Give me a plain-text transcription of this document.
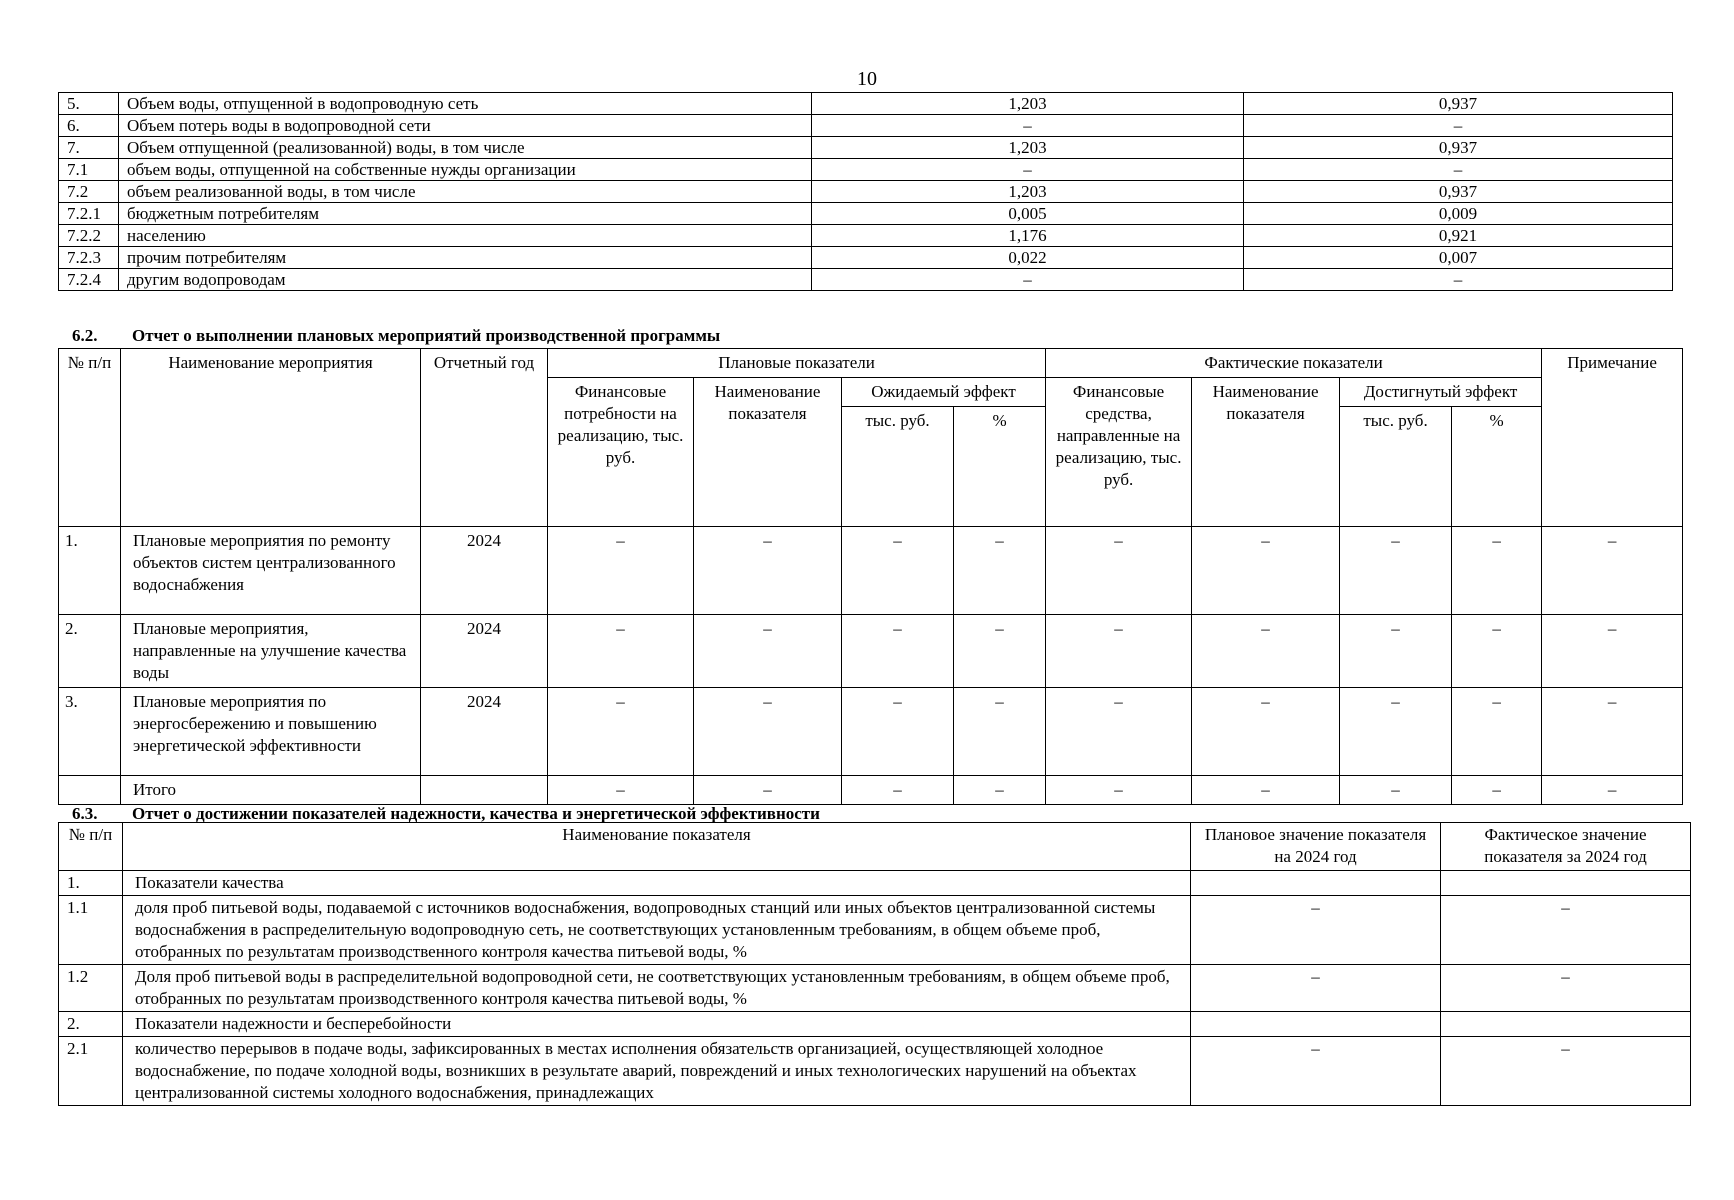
10
5.	Объем воды, отпущенной в водопроводную сеть	1,203	0,937
6.	Объем потерь воды в водопроводной сети	–	–
7.	Объем отпущенной (реализованной) воды, в том числе	1,203	0,937
7.1	объем воды, отпущенной на собственные нужды организации	–	–
7.2	объем реализованной воды, в том числе	1,203	0,937
7.2.1	бюджетным потребителям	0,005	0,009
7.2.2	населению	1,176	0,921
7.2.3	прочим потребителям	0,022	0,007
7.2.4	другим водопроводам	–	–
6.2. Отчет о выполнении плановых мероприятий производственной программы
№ п/п	Наименование мероприятия	Отчетный год	Плановые показатели				Фактические показатели				Примечание
			Финансовые потребности на реализацию, тыс. руб.	Наименование показателя	Ожидаемый эффект		Финансовые средства, направленные на реализацию, тыс. руб.	Наименование показателя	Достигнутый эффект		
					тыс. руб.	%			тыс. руб.	%	
1.	Плановые мероприятия по ремонту объектов систем централизованного водоснабжения	2024	–	–	–	–	–	–	–	–	–
2.	Плановые мероприятия, направленные на улучшение качества воды	2024	–	–	–	–	–	–	–	–	–
3.	Плановые мероприятия по энергосбережению и повышению энергетической эффективности	2024	–	–	–	–	–	–	–	–	–
	Итого		–	–	–	–	–	–	–	–	–
6.3. Отчет о достижении показателей надежности, качества и энергетической эффективности
№ п/п	Наименование показателя	Плановое значение показателя на 2024 год	Фактическое значение показателя за 2024 год
1.	Показатели качества		
1.1	доля проб питьевой воды, подаваемой с источников водоснабжения, водопроводных станций или иных объектов централизованной системы водоснабжения в распределительную водопроводную сеть, не соответствующих установленным требованиям, в общем объеме проб, отобранных по результатам производственного контроля качества питьевой воды, %	–	–
1.2	Доля проб питьевой воды в распределительной водопроводной сети, не соответствующих установленным требованиям, в общем объеме проб, отобранных по результатам производственного контроля качества питьевой воды, %	–	–
2.	Показатели надежности и бесперебойности		
2.1	количество перерывов в подаче воды, зафиксированных в местах исполнения обязательств организацией, осуществляющей холодное водоснабжение, по подаче холодной воды, возникших в результате аварий, повреждений и иных технологических нарушений на объектах централизованной системы холодного водоснабжения, принадлежащих	–	–
